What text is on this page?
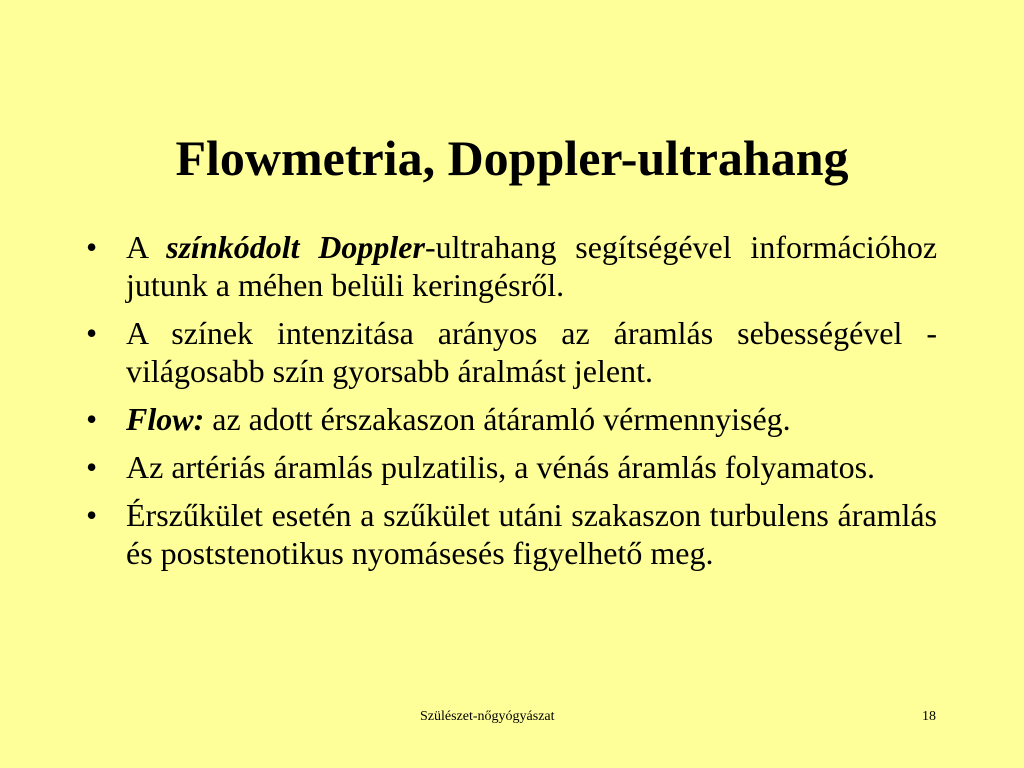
Flowmetria, Doppler-ultrahang
• A színkódolt Doppler-ultrahang segítségével információhoz jutunk a méhen belüli keringésről.
• A színek intenzitása arányos az áramlás sebességével - világosabb szín gyorsabb áralmást jelent.
• Flow: az adott érszakaszon átáramló vérmennyiség.
• Az artériás áramlás pulzatilis, a vénás áramlás folyamatos.
• Érszűkület esetén a szűkület utáni szakaszon turbulens áramlás és poststenotikus nyomásesés figyelhető meg.
Szülészet-nőgyógyászat	18
